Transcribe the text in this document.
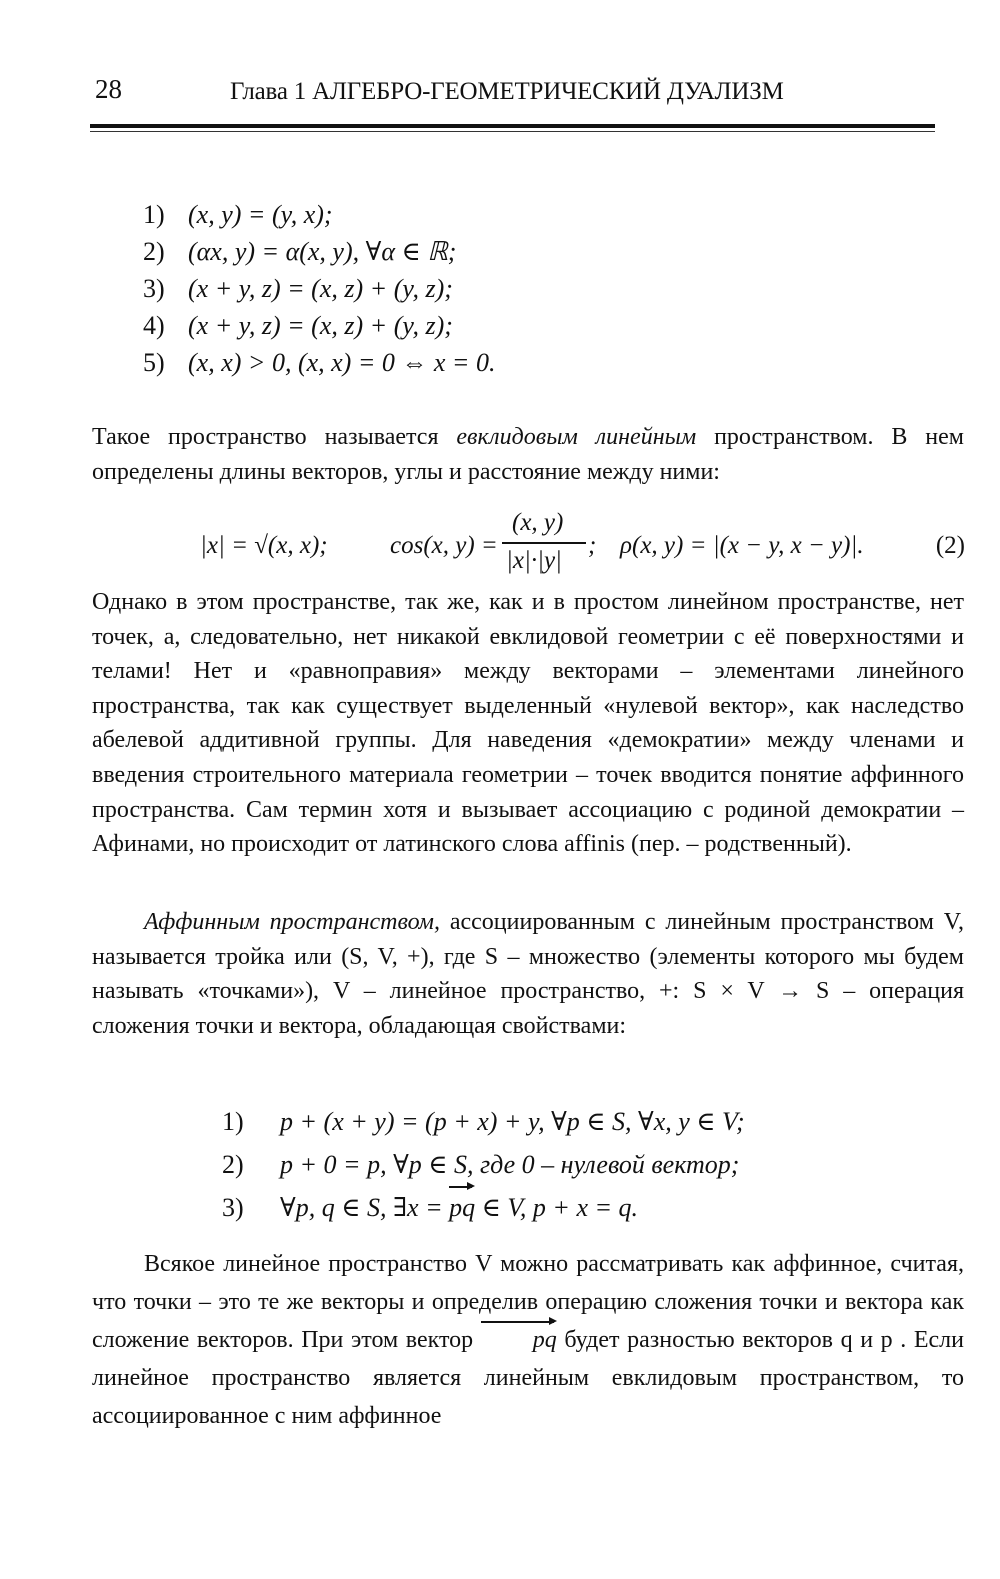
28	Глава 1 АЛГЕБРО-ГЕОМЕТРИЧЕСКИЙ ДУАЛИЗМ
1) (x, y) = (y, x);
2) (αx, y) = α(x, y), ∀α ∈ ℝ;
3) (x + y, z) = (x, z) + (y, z);
4) (x + y, z) = (x, z) + (y, z);
5) (x, x) > 0, (x, x) = 0 ⇔ x = 0.

Такое пространство называется евклидовым линейным пространством. В нем определены длины векторов, углы и расстояние между ними:

|x| = √(x, x); cos(x, y) =
(x, y)
|x|·|y|
; ρ(x, y) = |(x − y, x − y)|.	(2)

Однако в этом пространстве, так же, как и в простом линейном пространстве, нет точек, а, следовательно, нет никакой евклидовой геометрии с её поверхностями и телами! Нет и «равноправия» между векторами – элементами линейного пространства, так как существует выделенный «нулевой вектор», как наследство абелевой аддитивной группы. Для наведения «демократии» между членами и введения строительного материала геометрии – точек вводится понятие аффинного пространства. Сам термин хотя и вызывает ассоциацию с родиной демократии – Афинами, но происходит от латинского слова affinis (пер. – родственный).

Аффинным пространством, ассоциированным с линейным пространством V, называется тройка или (S, V, +), где S – множество (элементы которого мы будем называть «точками»), V – линейное пространство, +: S × V → S – операция сложения точки и вектора, обладающая свойствами:

1)	p + (x + y) = (p + x) + y, ∀p ∈ S, ∀x, y ∈ V;
2)	p + 0 = p, ∀p ∈ S, где 0 – нулевой вектор;
3)	∀p, q ∈ S, ∃x = pq ∈ V, p + x = q.

Всякое линейное пространство V можно рассматривать как аффинное, считая, что точки – это те же векторы и определив операцию сложения точки и вектора как сложение векторов. При этом вектор pq будет разностью векторов q и p . Если линейное пространство является линейным евклидовым пространством, то ассоциированное с ним аффинное
